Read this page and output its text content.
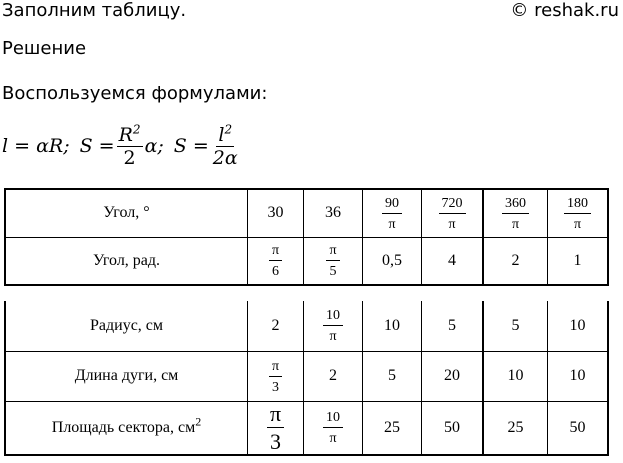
Заполним таблицу.	© reshak.ru
Решение
Воспользуемся формулами:
l = αR; $S = \frac{R^2}{2} \alpha$; $S = \frac{l^2}{2\alpha}$
Угол, °	30	36	$\frac{90}{\pi}$	$\frac{720}{\pi}$	$\frac{360}{\pi}$	$\frac{180}{\pi}$

Угол, рад.	$\frac{\pi}{6}$	$\frac{\pi}{5}$	0,5	4	2	1
Радиус, см	2	$\frac{10}{\pi}$	10	5	5	10
Длина дуги, см	$\frac{\pi}{3}$	2	5	20	10	10
Площадь сектора, $см^2$	$\frac{\pi}{3}$	$\frac{10}{\pi}$	25	50	25	50
